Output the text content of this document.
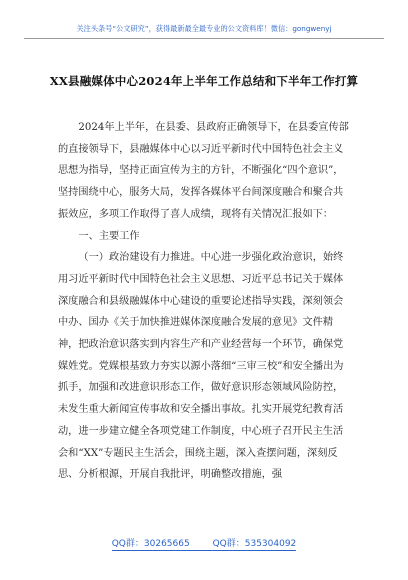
关注头条号“公文研究”，获得最新最全最专业的公文资料库！微信：gongwenyj
XX县融媒体中心2024年上半年工作总结和下半年工作打算

2024年上半年，在县委、县政府正确领导下，在县委宣传部的直接领导下，县融媒体中心以习近平新时代中国特色社会主义思想为指导，坚持正面宣传为主的方针，不断强化“四个意识”，坚持围绕中心，服务大局，发挥各媒体平台间深度融合和聚合共振效应，多项工作取得了喜人成绩，现将有关情况汇报如下：

一、主要工作

（一）政治建设有力推进。中心进一步强化政治意识，始终用习近平新时代中国特色社会主义思想、习近平总书记关于媒体深度融合和县级融媒体中心建设的重要论述指导实践，深刻领会中办、国办《关于加快推进媒体深度融合发展的意见》文件精神，把政治意识落实到内容生产和产业经营每一个环节，确保党媒姓党。党媒根基致力夯实以源小落细“三审三校”和安全播出为抓手，加强和改进意识形态工作，做好意识形态领域风险防控，未发生重大新闻宣传事故和安全播出事故。扎实开展党纪教育活动，进一步建立健全各项党建工作制度，中心班子召开民主生活会和“XX”专题民主生活会，围绕主题，深入查摆问题，深刻反思、分析根源，开展自我批评，明确整改措施，强

QQ群：30265665	QQ群：535304092
